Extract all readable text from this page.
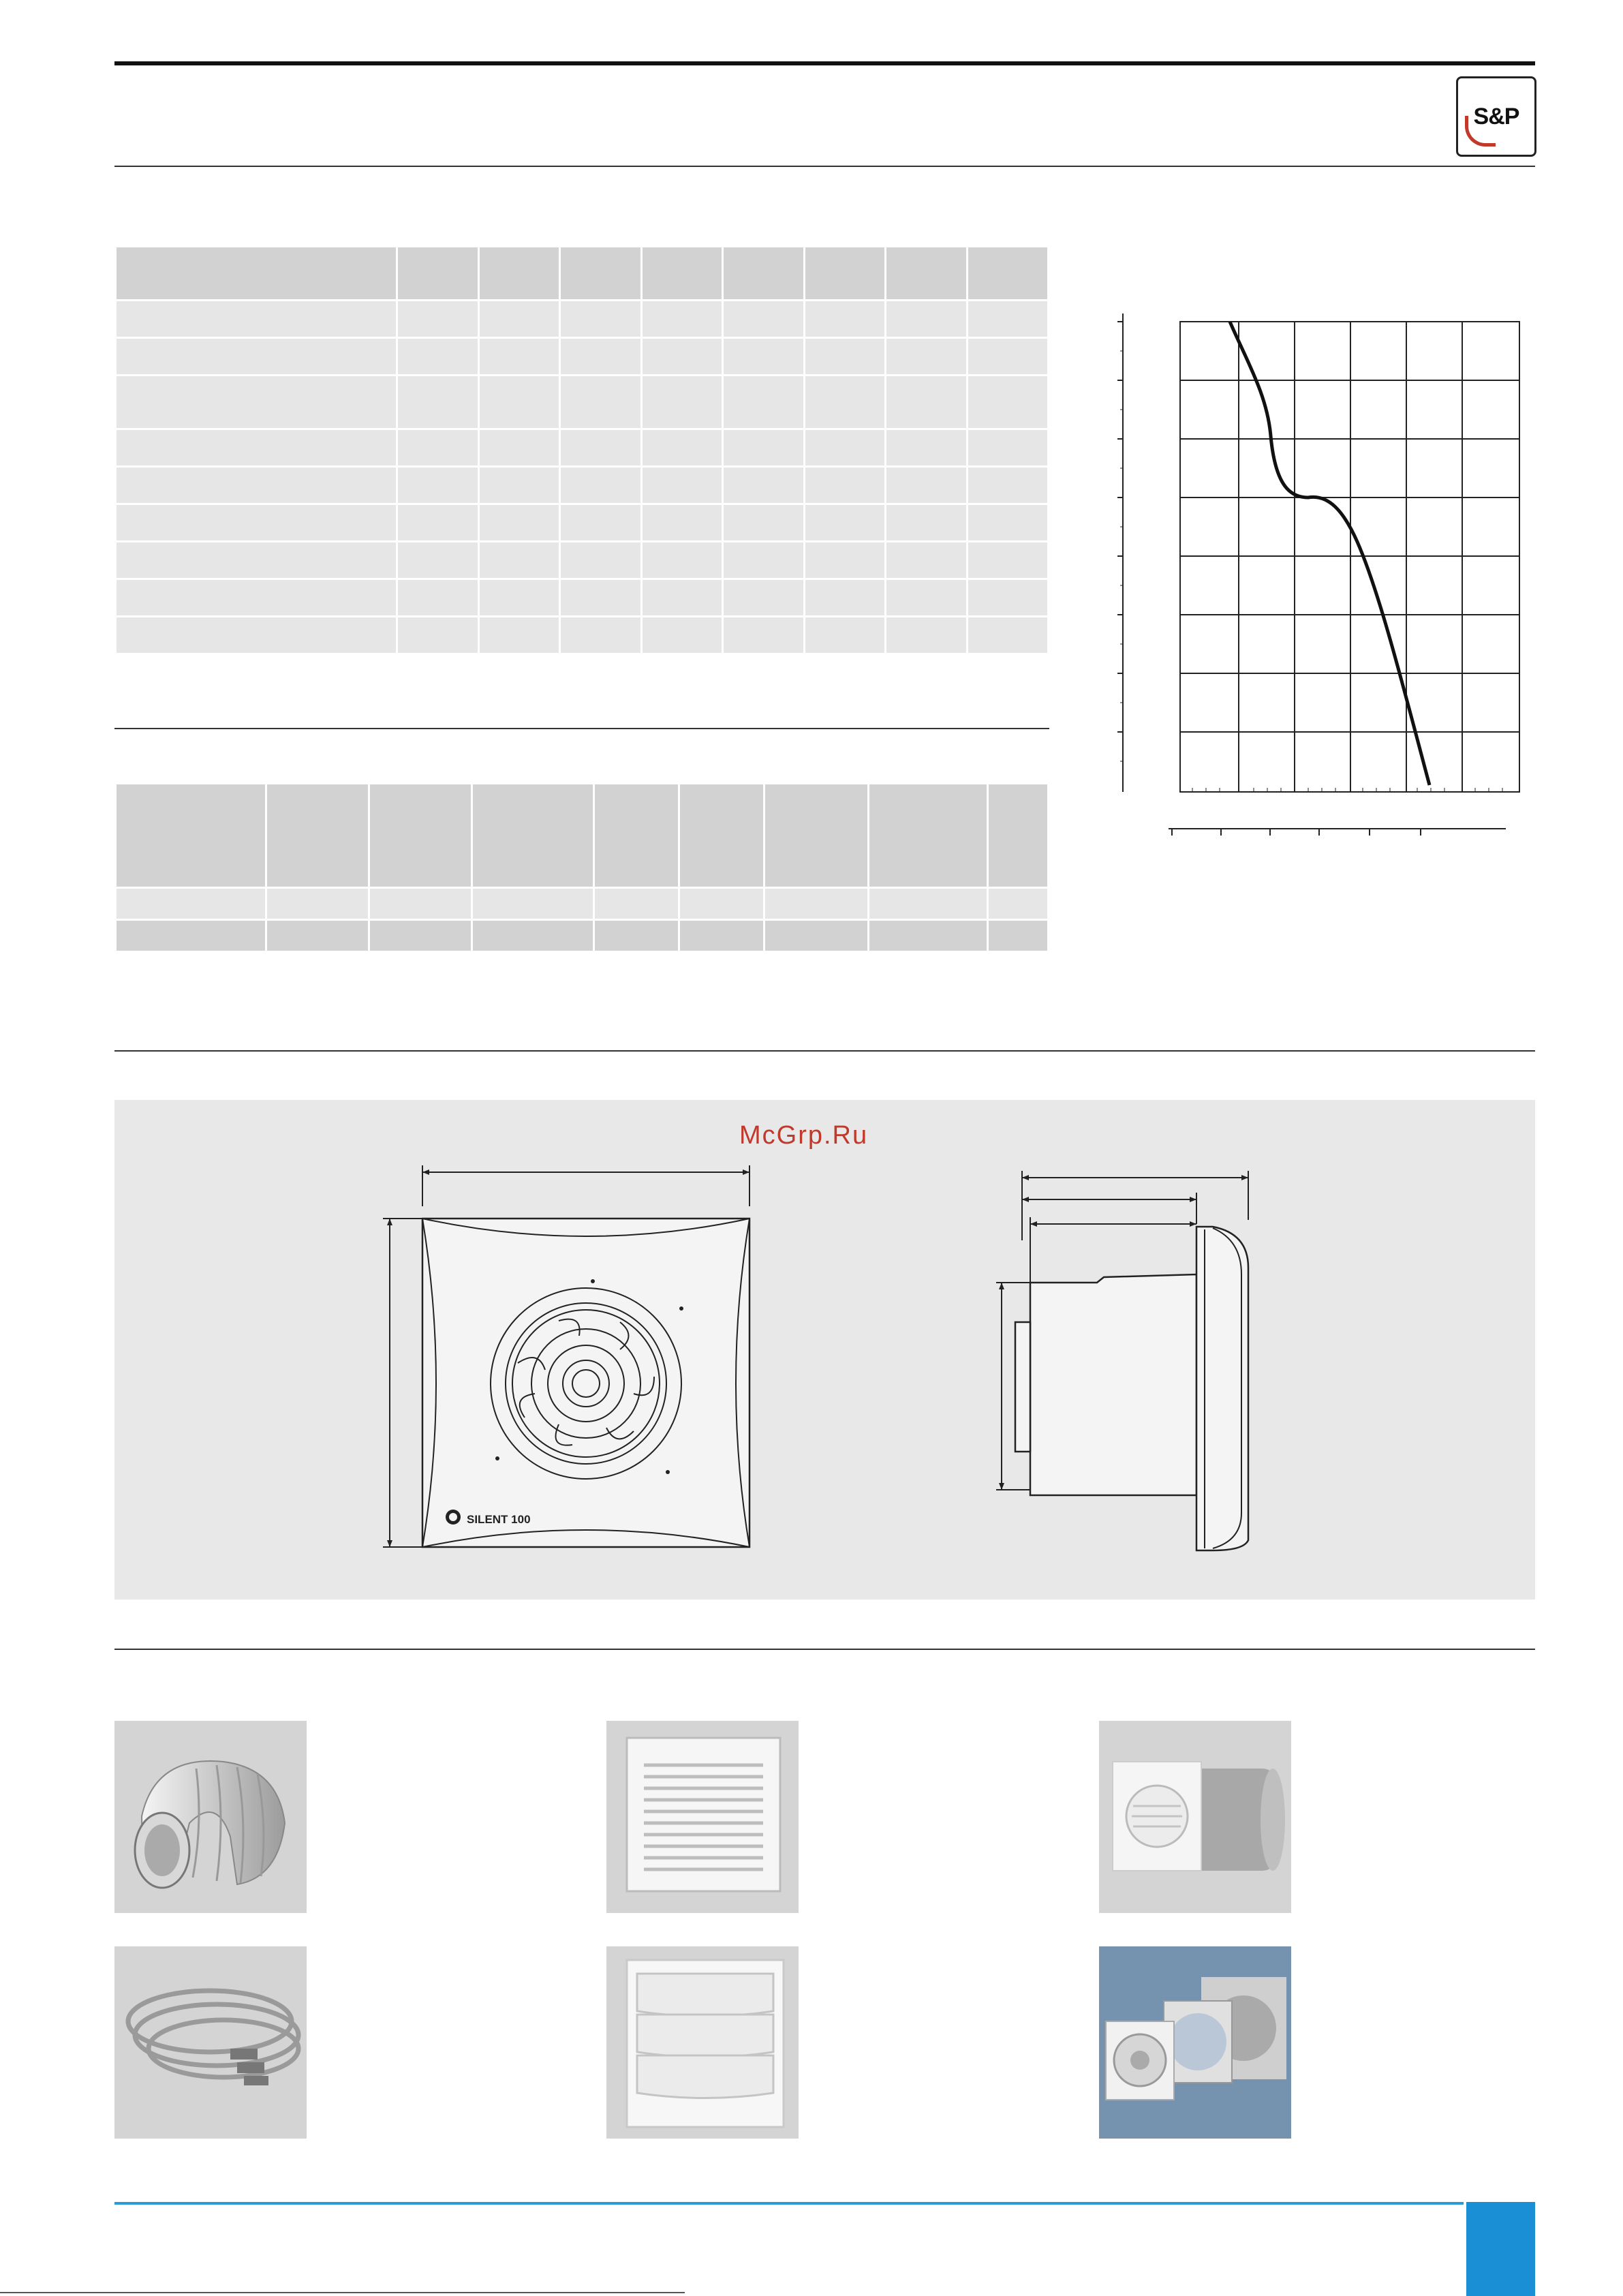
S&P

McGrp.Ru
SILENT 100
